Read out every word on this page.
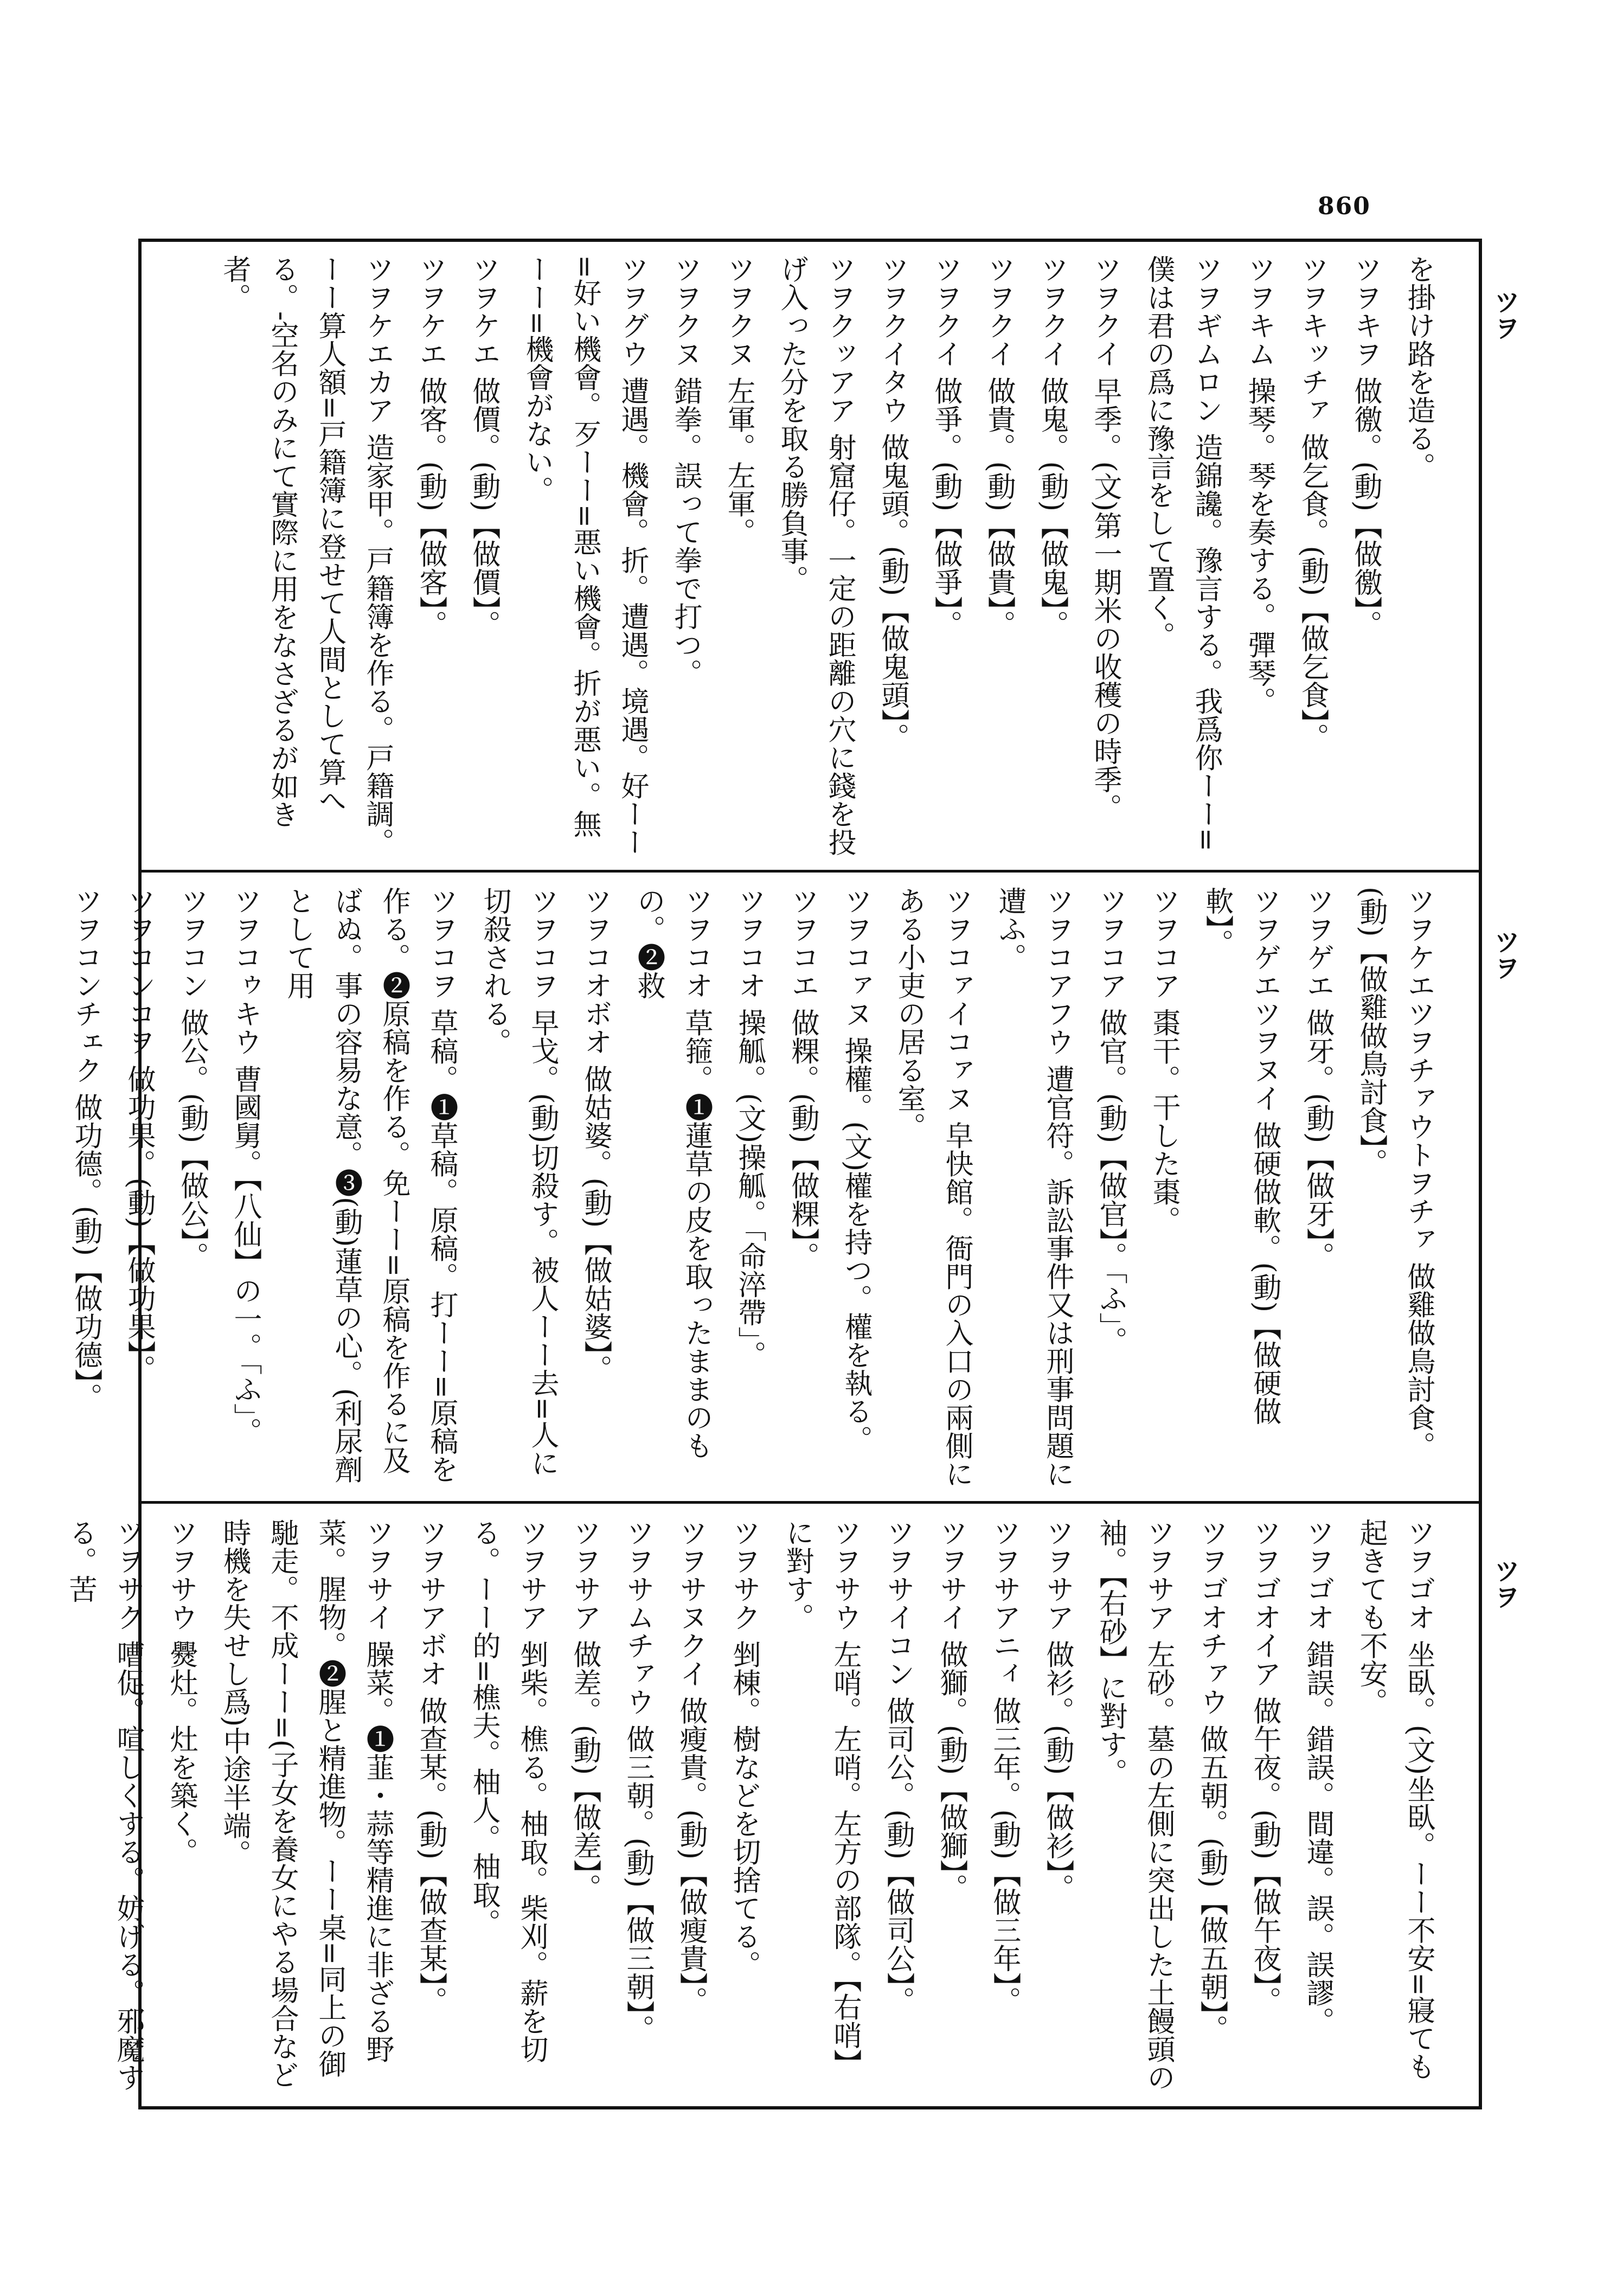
860
ツヲ
ツヲ
ツヲ
を掛け路を造る。
ツヲキヲ 做徼。(動)【做徼】。
ツヲキッチァ 做乞食。(動)【做乞食】。
ツヲキム 操琴。琴を奏する。彈琴。
ツヲギムロン 造錦讒。豫言する。我爲你ーー=僕は君の爲に豫言をして置く。
ツヲクイ 早季。(文)第一期米の收穫の時季。
ツヲクイ 做鬼。(動)【做鬼】。
ツヲクイ 做貴。(動)【做貴】。
ツヲクイ 做爭。(動)【做爭】。
ツヲクイタウ 做鬼頭。(動)【做鬼頭】。
ツヲクッアア 射窟仔。一定の距離の穴に錢を投げ入った分を取る勝負事。
ツヲクヌ 左軍。左軍。
ツヲクヌ 錯拳。誤って拳で打つ。
ツヲグウ 遭遇。機會。折。遭遇。境遇。好ーー=好い機會。歹ーー=悪い機會。折が悪い。無ーー=機會がない。
ツヲケエ 做價。(動)【做價】。
ツヲケエ 做客。(動)【做客】。
ツヲケエカア 造家甲。戸籍簿を作る。戸籍調。ーー算人額=戸籍簿に登せて人間として算へる。-空名のみにて實際に用をなさざるが如き者。
ツヲケエツヲチァウトヲチァ 做雞做鳥討食。(動)【做雞做鳥討食】。
ツヲゲエ 做牙。(動)【做牙】。
ツヲゲエツヲヌイ 做硬做軟。(動)【做硬做軟】。
ツヲコア 棗干。干した棗。
ツヲコア 做官。(動)【做官】。「ふ」。
ツヲコアフウ 遭官符。訴訟事件又は刑事問題に遭ふ。
ツヲコァイコァヌ 皁快館。衙門の入口の兩側にある小吏の居る室。
ツヲコァヌ 操權。(文)權を持つ。權を執る。
ツヲコエ 做粿。(動)【做粿】。
ツヲコオ 操觚。(文)操觚。「命淬帶」。
ツヲコオ 草箍。❶蓮草の皮を取ったままのもの。❷救
ツヲコオボオ 做姑婆。(動)【做姑婆】。
ツヲコヲ 早戈。(動)切殺す。被人ーー去=人に切殺される。
ツヲコヲ 草稿。❶草稿。原稿。打ーー=原稿を作る。❷原稿を作る。免ーー=原稿を作るに及ばぬ。事の容易な意。❸(動)蓮草の心。(利尿劑として用
ツヲコゥキウ 曹國舅。【八仙】の一。「ふ」。
ツヲコン 做公。(動)【做公】。
ツヲコンコヲ 做功果。(動)【做功果】。
ツヲコンチェク 做功德。(動)【做功德】。
ツヲゴオ 坐臥。(文)坐臥。ーー不安=寢ても起きても不安。
ツヲゴオ 錯誤。錯誤。間違。誤。誤謬。
ツヲゴオイア 做午夜。(動)【做午夜】。
ツヲゴオチァウ 做五朝。(動)【做五朝】。
ツヲサア 左砂。墓の左側に突出した土饅頭の袖。【右砂】に對す。
ツヲサア 做衫。(動)【做衫】。
ツヲサアニィ 做三年。(動)【做三年】。
ツヲサイ 做獅。(動)【做獅】。
ツヲサイコン 做司公。(動)【做司公】。
ツヲサウ 左哨。左哨。左方の部隊。【右哨】に對す。
ツヲサク 剉棟。樹などを切捨てる。
ツヲサヌクイ 做瘦貴。(動)【做瘦貴】。
ツヲサムチァウ 做三朝。(動)【做三朝】。
ツヲサア 做差。(動)【做差】。
ツヲサア 剉柴。樵る。柚取。柴刈。薪を切る。ーー的=樵夫。柚人。柚取。
ツヲサアボオ 做查某。(動)【做查某】。
ツヲサイ 臊菜。❶韮・蒜等精進に非ざる野菜。腥物。❷腥と精進物。ーー桌=同上の御馳走。不成ーー=(子女を養女にやる場合など時機を失せし爲)中途半端。
ツヲサウ 㸑灶。灶を築く。
ツヲサク 嘈促。喧しくする。妨げる。邪魔する。苦
